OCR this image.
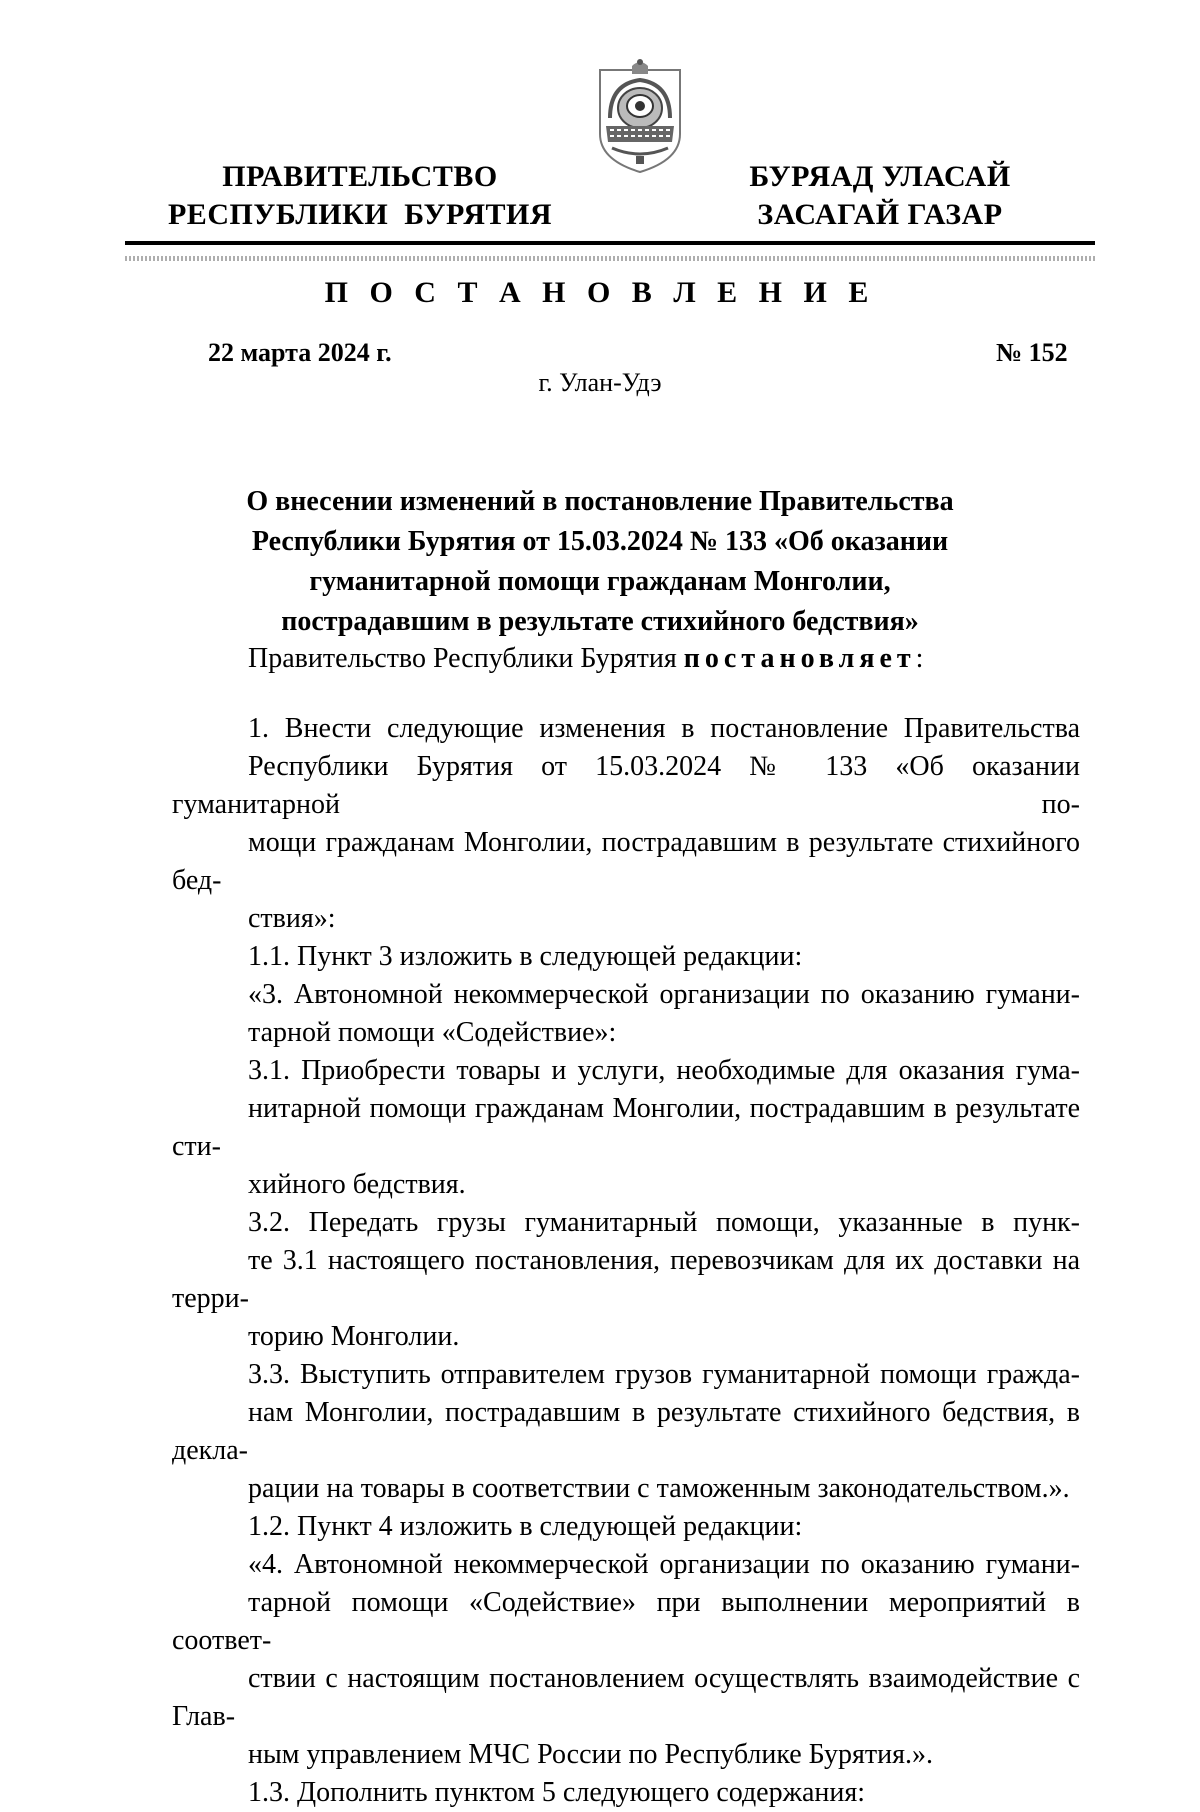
ПРАВИТЕЛЬСТВО
РЕСПУБЛИКИ  БУРЯТИЯ
БУРЯАД УЛАСАЙ
ЗАСАГАЙ ГАЗАР
П О С Т А Н О В Л Е Н И Е
22 марта 2024 г.	№ 152
г. Улан-Удэ
О внесении изменений в постановление Правительства
Республики Бурятия от 15.03.2024 № 133 «Об оказании
гуманитарной помощи гражданам Монголии,
пострадавшим в результате стихийного бедствия»

Правительство Республики Бурятия постановляет:

1. Внести следующие изменения в постановление Правительства
Республики Бурятия от 15.03.2024 № 133 «Об оказании гуманитарной по-
мощи гражданам Монголии, пострадавшим в результате стихийного бед-
ствия»:

1.1. Пункт 3 изложить в следующей редакции:

«3. Автономной некоммерческой организации по оказанию гумани-
тарной помощи «Содействие»:

3.1. Приобрести товары и услуги, необходимые для оказания гума-
нитарной помощи гражданам Монголии, пострадавшим в результате сти-
хийного бедствия.

3.2. Передать грузы гуманитарный помощи, указанные в пунк-
те 3.1 настоящего постановления, перевозчикам для их доставки на терри-
торию Монголии.

3.3. Выступить отправителем грузов гуманитарной помощи гражда-
нам Монголии, пострадавшим в результате стихийного бедствия, в декла-
рации на товары в соответствии с таможенным законодательством.».

1.2. Пункт 4 изложить в следующей редакции:

«4. Автономной некоммерческой организации по оказанию гумани-
тарной помощи «Содействие» при выполнении мероприятий в соответ-
ствии с настоящим постановлением осуществлять взаимодействие с Глав-
ным управлением МЧС России по Республике Бурятия.».

1.3. Дополнить пунктом 5 следующего содержания:
